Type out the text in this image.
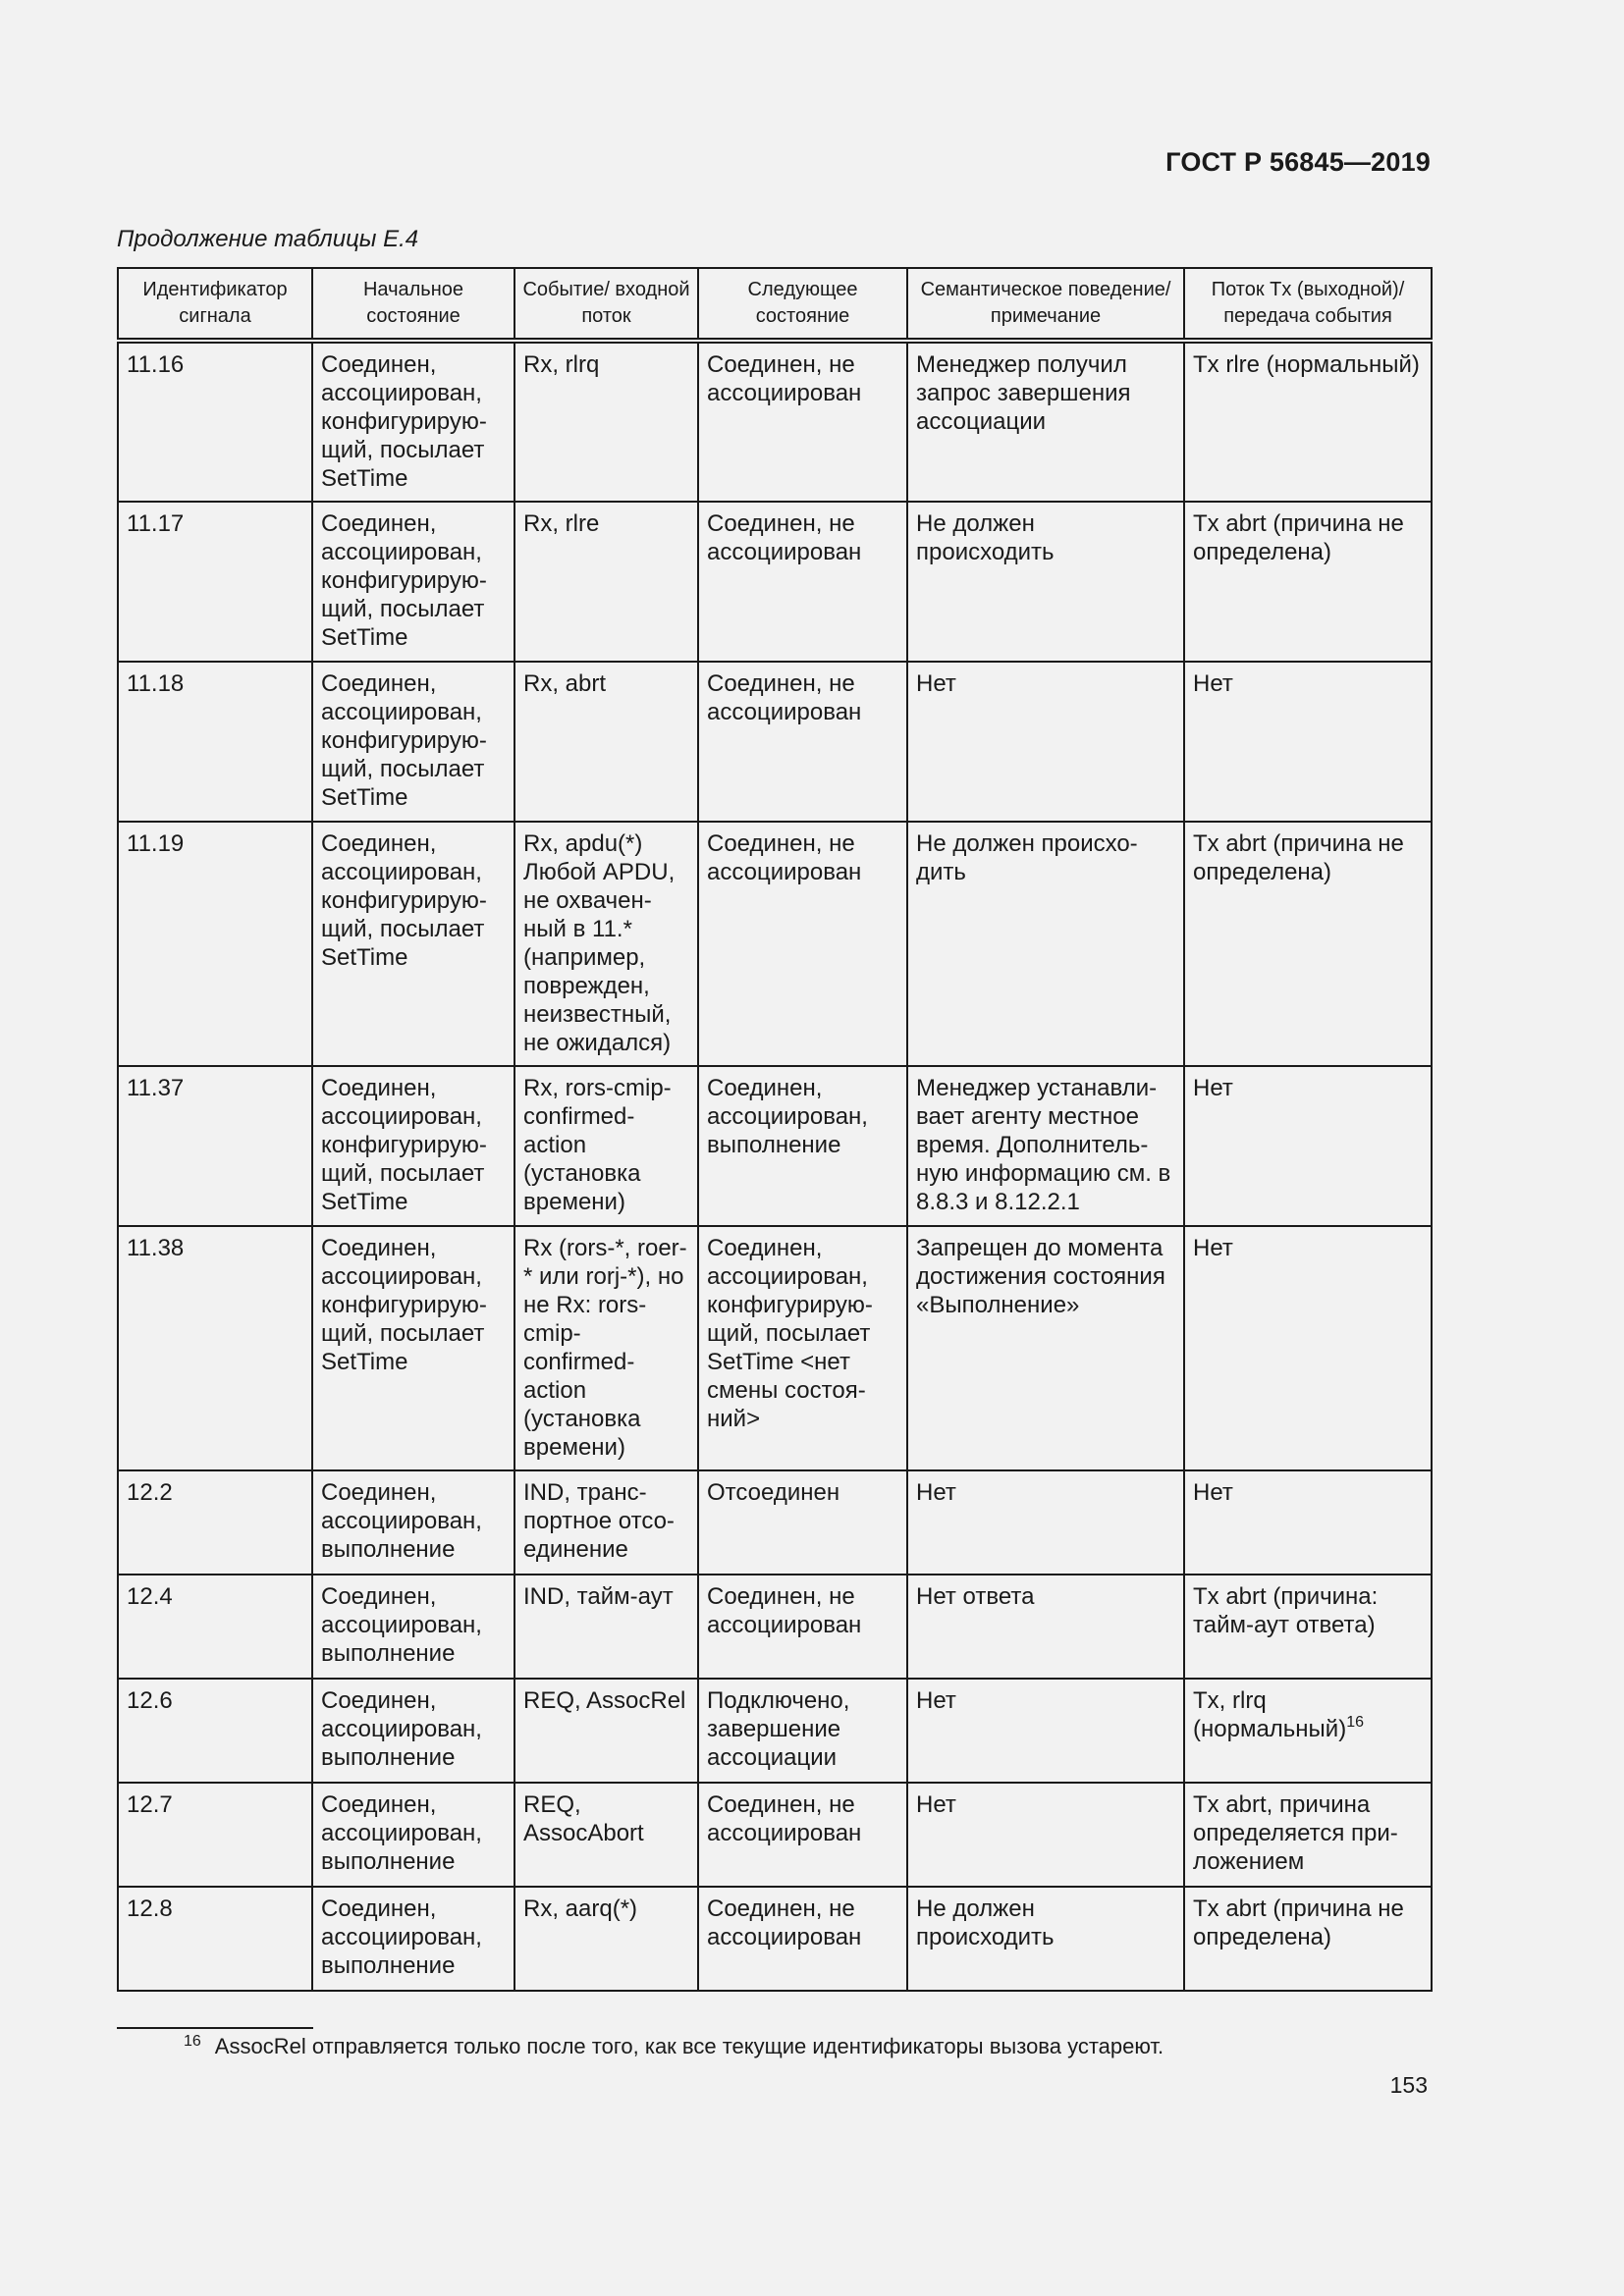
ГОСТ Р 56845—2019
Продолжение таблицы Е.4
Идентификатор сигнала	Начальное состояние	Событие/ входной поток	Следующее состояние	Семантическое поведение/примечание	Поток Tx (выходной)/ передача события
11.16	Соединен, ассоциирован, конфигурирую-щий, посылает SetTime	Rx, rlrq	Соединен, не ассоциирован	Менеджер получил запрос завершения ассоциации	Tx rlre (нормальный)
11.17	Соединен, ассоциирован, конфигурирую-щий, посылает SetTime	Rx, rlre	Соединен, не ассоциирован	Не должен происходить	Tx abrt (причина не определена)
11.18	Соединен, ассоциирован, конфигурирую-щий, посылает SetTime	Rx, abrt	Соединен, не ассоциирован	Нет	Нет
11.19	Соединен, ассоциирован, конфигурирую-щий, посылает SetTime	Rx, apdu(*) Любой APDU, не охвачен-ный в 11.* (например, поврежден, неизвестный, не ожидался)	Соединен, не ассоциирован	Не должен происхо-дить	Tx abrt (причина не определена)
11.37	Соединен, ассоциирован, конфигурирую-щий, посылает SetTime	Rx, rors-cmip-confirmed-action (установка времени)	Соединен, ассоциирован, выполнение	Менеджер устанавли-вает агенту местное время. Дополнитель-ную информацию см. в 8.8.3 и 8.12.2.1	Нет
11.38	Соединен, ассоциирован, конфигурирую-щий, посылает SetTime	Rx (rors-*, roer-* или rorj-*), но не Rx: rors-cmip-confirmed-action (установка времени)	Соединен, ассоциирован, конфигурирую-щий, посылает SetTime <нет смены состоя-ний>	Запрещен до момента достижения состояния «Выполнение»	Нет
12.2	Соединен, ассоциирован, выполнение	IND, транс-портное отсо-единение	Отсоединен	Нет	Нет
12.4	Соединен, ассоциирован, выполнение	IND, тайм-аут	Соединен, не ассоциирован	Нет ответа	Tx abrt (причина: тайм-аут ответа)
12.6	Соединен, ассоциирован, выполнение	REQ, AssocRel	Подключено, завершение ассоциации	Нет	Tx, rlrq (нормальный)$^{16}$
12.7	Соединен, ассоциирован, выполнение	REQ, AssocAbort	Соединен, не ассоциирован	Нет	Tx abrt, причина определяется при-ложением
12.8	Соединен, ассоциирован, выполнение	Rx, aarq(*)	Соединен, не ассоциирован	Не должен происходить	Tx abrt (причина не определена)
$^{16}$ AssocRel отправляется только после того, как все текущие идентификаторы вызова устареют.
153
